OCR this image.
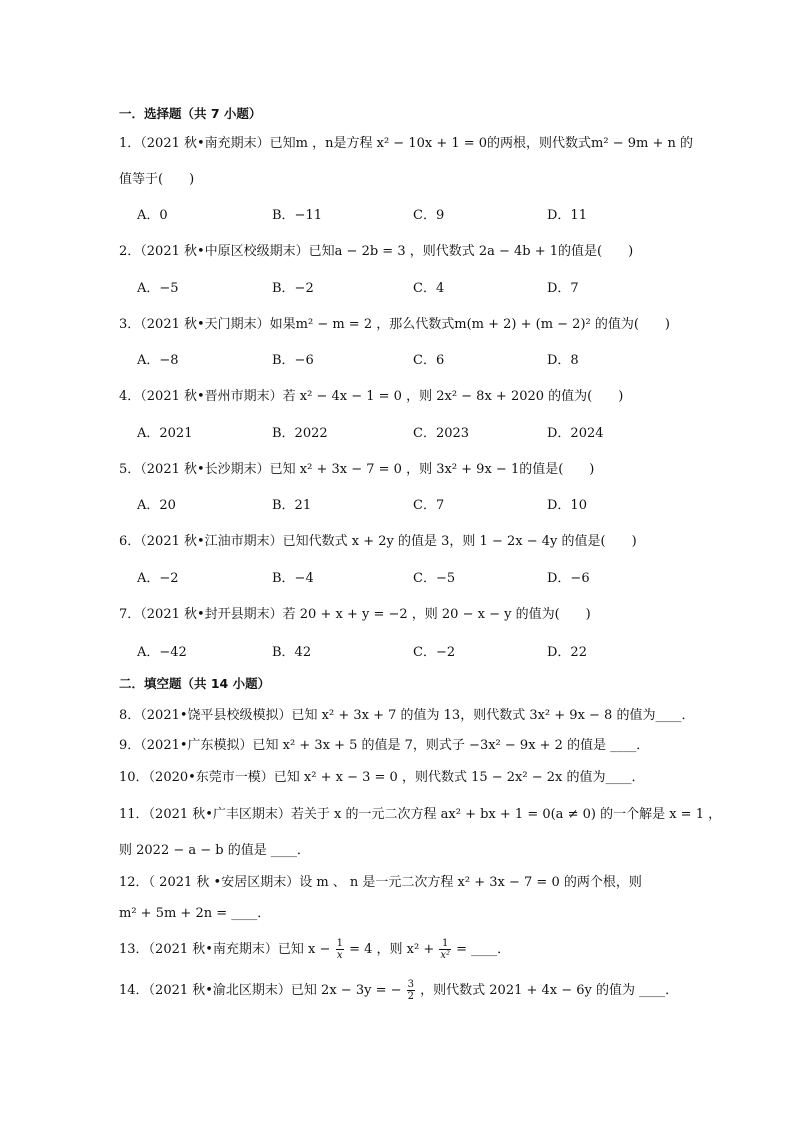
一．选择题（共 7 小题）
1．（2021 秋•南充期末）已知m ，n是方程 x² − 10x + 1 = 0的两根，则代数式m² − 9m + n 的
值等于(　　)
A．0	B．−11	C．9	D．11
2．（2021 秋•中原区校级期末）已知a − 2b = 3 ，则代数式 2a − 4b + 1的值是(　　)
A．−5	B．−2	C．4	D．7
3．（2021 秋•天门期末）如果m² − m = 2 ，那么代数式m(m + 2) + (m − 2)² 的值为(　　)
A．−8	B．−6	C．6	D．8
4．（2021 秋•晋州市期末）若 x² − 4x − 1 = 0 ，则 2x² − 8x + 2020 的值为(　　)
A．2021	B．2022	C．2023	D．2024
5．（2021 秋•长沙期末）已知 x² + 3x − 7 = 0 ，则 3x² + 9x − 1的值是(　　)
A．20	B．21	C．7	D．10
6．（2021 秋•江油市期末）已知代数式 x + 2y 的值是 3，则 1 − 2x − 4y 的值是(　　)
A．−2	B．−4	C．−5	D．−6
7．（2021 秋•封开县期末）若 20 + x + y = −2 ，则 20 − x − y 的值为(　　)
A．−42	B．42	C．−2	D．22
二．填空题（共 14 小题）
8．（2021•饶平县校级模拟）已知 x² + 3x + 7 的值为 13，则代数式 3x² + 9x − 8 的值为____．
9．（2021•广东模拟）已知 x² + 3x + 5 的值是 7，则式子 −3x² − 9x + 2 的值是 ____．
10．（2020•东莞市一模）已知 x² + x − 3 = 0 ，则代数式 15 − 2x² − 2x 的值为____．
11．（2021 秋•广丰区期末）若关于 x 的一元二次方程 ax² + bx + 1 = 0(a ≠ 0) 的一个解是 x = 1 ，
则 2022 − a − b 的值是 ____．
12．（ 2021 秋 •安居区期末）设 m 、 n 是一元二次方程 x² + 3x − 7 = 0 的两个根，则
m² + 5m + 2n = ____．
13．（2021 秋•南充期末）已知 $x - \frac{1}{x} = 4$ ，则 $x^2 + \frac{1}{\text{x²}}$ = ____．
14．（2021 秋•渝北区期末）已知 2x − 3y = − $\frac{3}{2}$ ，则代数式 2021 + 4x − 6y 的值为 ____．
